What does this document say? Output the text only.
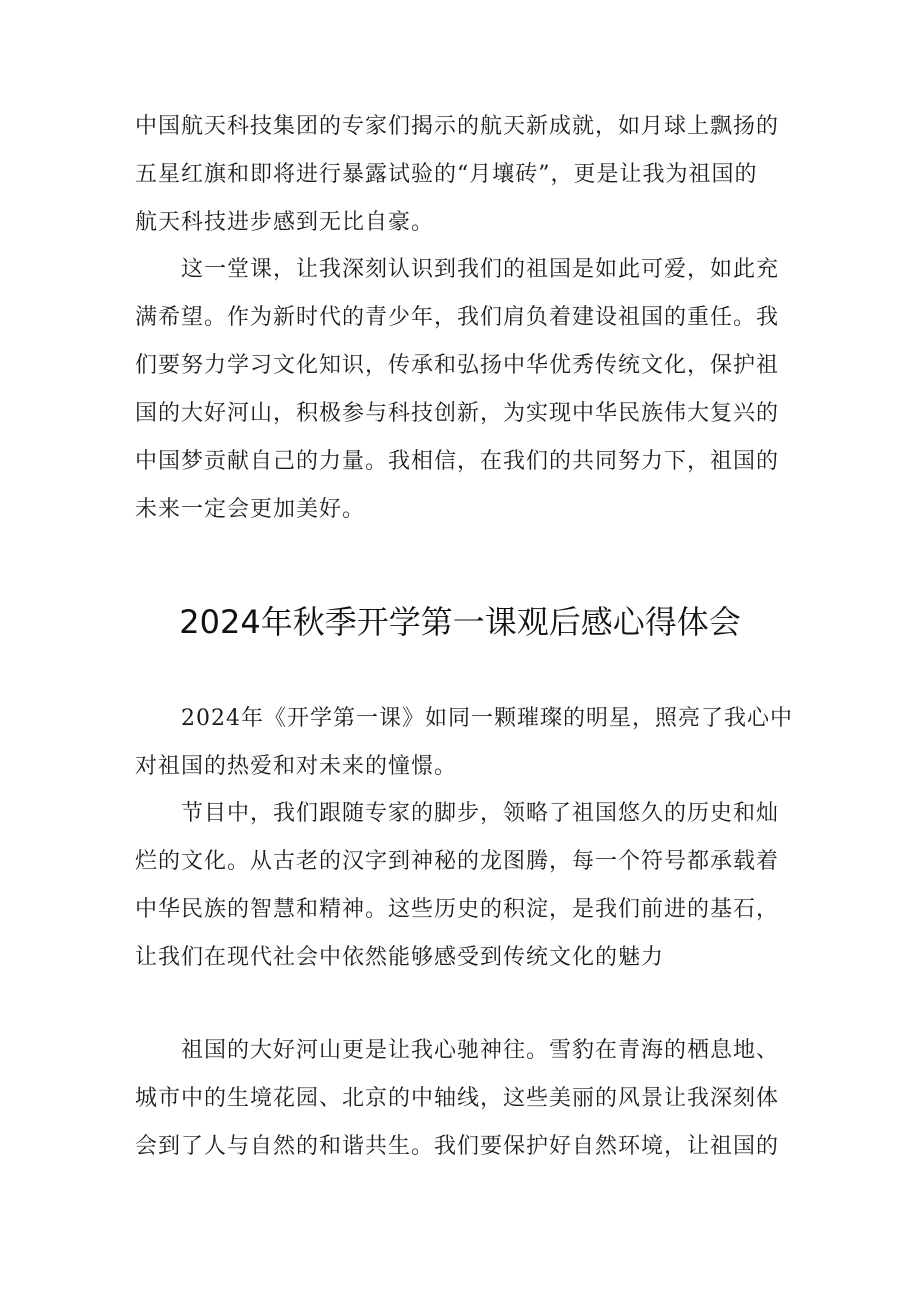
中国航天科技集团的专家们揭示的航天新成就，如月球上飘扬的
五星红旗和即将进行暴露试验的“月壤砖”，更是让我为祖国的
航天科技进步感到无比自豪。
这一堂课，让我深刻认识到我们的祖国是如此可爱，如此充
满希望。作为新时代的青少年，我们肩负着建设祖国的重任。我
们要努力学习文化知识，传承和弘扬中华优秀传统文化，保护祖
国的大好河山，积极参与科技创新，为实现中华民族伟大复兴的
中国梦贡献自己的力量。我相信，在我们的共同努力下，祖国的
未来一定会更加美好。
2024年秋季开学第一课观后感心得体会
2024年《开学第一课》如同一颗璀璨的明星，照亮了我心中
对祖国的热爱和对未来的憧憬。
节目中，我们跟随专家的脚步，领略了祖国悠久的历史和灿
烂的文化。从古老的汉字到神秘的龙图腾，每一个符号都承载着
中华民族的智慧和精神。这些历史的积淀，是我们前进的基石，
让我们在现代社会中依然能够感受到传统文化的魅力
祖国的大好河山更是让我心驰神往。雪豹在青海的栖息地、
城市中的生境花园、北京的中轴线，这些美丽的风景让我深刻体
会到了人与自然的和谐共生。我们要保护好自然环境，让祖国的
